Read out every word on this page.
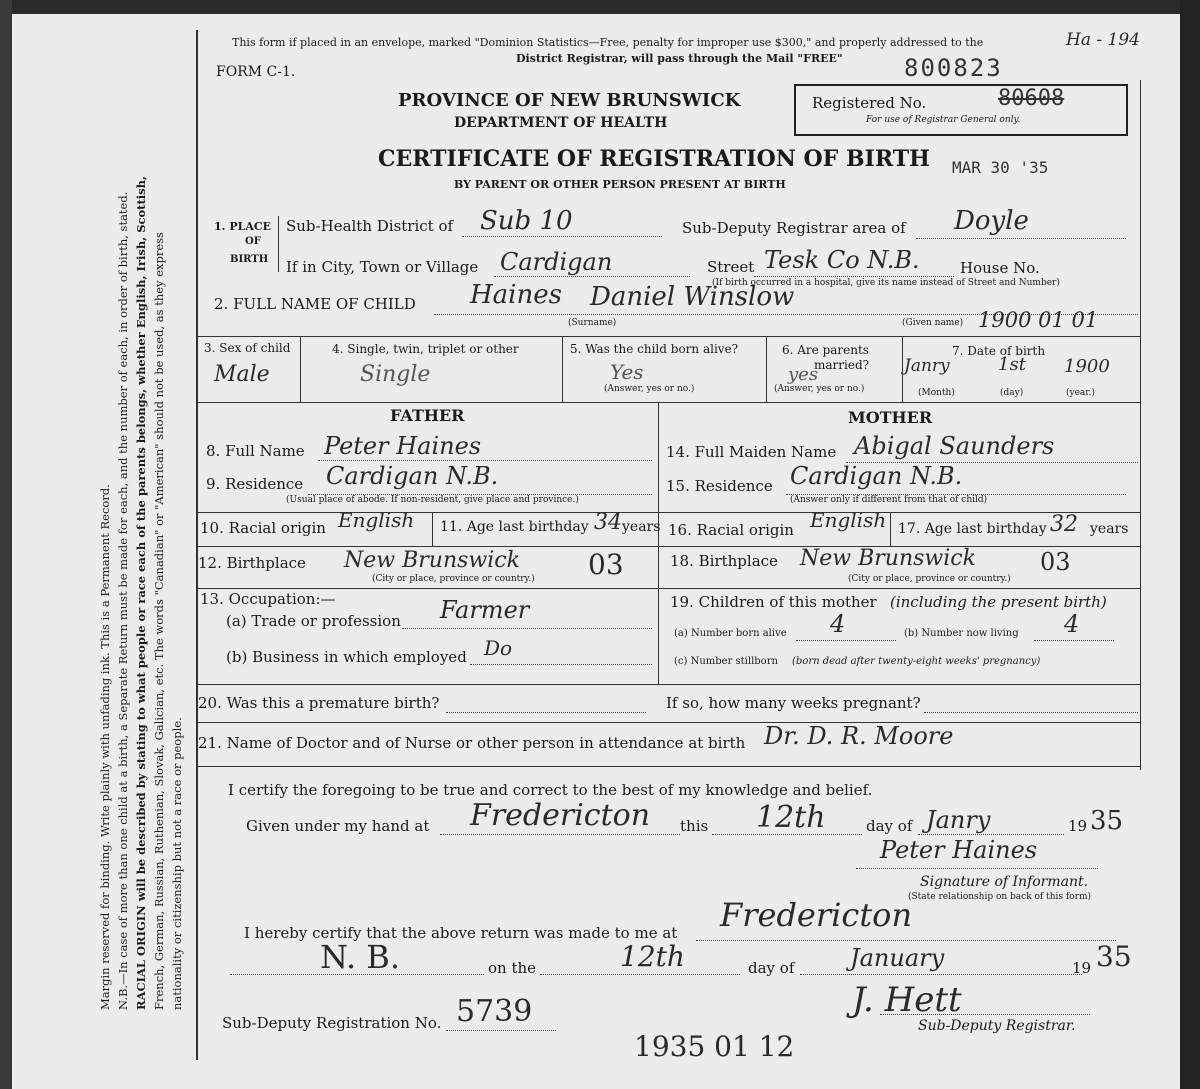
Margin reserved for binding. Write plainly with unfading ink. This is a Permanent Record. N.B.—In case of more than one child at a birth, a Separate Return must be made for each, and the number of each, in order of birth, stated. RACIAL ORIGIN will be described by stating to what people or race each of the parents belongs, whether English, Irish, Scottish, French, German, Russian, Ruthenian, Slovak, Galician, etc. The words "Canadian" or "American" should not be used, as they express nationality or citizenship but not a race or people.
This form if placed in an envelope, marked "Dominion Statistics—Free, penalty for improper use $300," and properly addressed to the
District Registrar, will pass through the Mail "FREE"
Ha - 194
800823
FORM C-1.
PROVINCE OF NEW BRUNSWICK
DEPARTMENT OF HEALTH
Registered No.	80608
For use of Registrar General only.
CERTIFICATE OF REGISTRATION OF BIRTH MAR 30 '35
BY PARENT OR OTHER PERSON PRESENT AT BIRTH
1. PLACE
OF
BIRTH
Sub-Health District of Sub 10	Sub-Deputy Registrar area of Doyle
If in City, Town or Village Cardigan	Street Tesk Co N.B.	House No.
(If birth occurred in a hospital, give its name instead of Street and Number)
2. FULL NAME OF CHILD Haines Daniel Winslow
(Surname)	(Given name) 1900 01 01
3. Sex of child
Male
4. Single, twin, triplet or other
Single
5. Was the child born alive?
Yes
(Answer, yes or no.)
6. Are parents
married?
yes
(Answer, yes or no.)
7. Date of birth
Janry	1st 1900
(Month)	(day)	(year.)
FATHER	MOTHER
8. Full Name Peter Haines
9. Residence Cardigan N.B.
(Usual place of abode. If non-resident, give place and province.)
10. Racial origin English 11. Age last birthday 34 years
12. Birthplace New Brunswick 03
(City or place, province or country.)
13. Occupation:—
(a) Trade or profession Farmer
(b) Business in which employed Do
14. Full Maiden Name Abigal Saunders
15. Residence Cardigan N.B.
(Answer only if different from that of child)
16. Racial origin English 17. Age last birthday 32 years
18. Birthplace New Brunswick	03
(City or place, province or country.)
19. Children of this mother (including the present birth)
(a) Number born alive 4	(b) Number now living 4
(c) Number stillborn (born dead after twenty-eight weeks' pregnancy)
20. Was this a premature birth?	If so, how many weeks pregnant?
21. Name of Doctor and of Nurse or other person in attendance at birth Dr. D. R. Moore
I certify the foregoing to be true and correct to the best of my knowledge and belief.
Given under my hand at Fredericton this 12th	day of Janry	19 35
Peter Haines
Signature of Informant.
(State relationship on back of this form)
I hereby certify that the above return was made to me at Fredericton
N. B.	on the	12th	day of January	19 35
J. Hett
Sub-Deputy Registration No. 5739
1935 01 12
Sub-Deputy Registrar.
